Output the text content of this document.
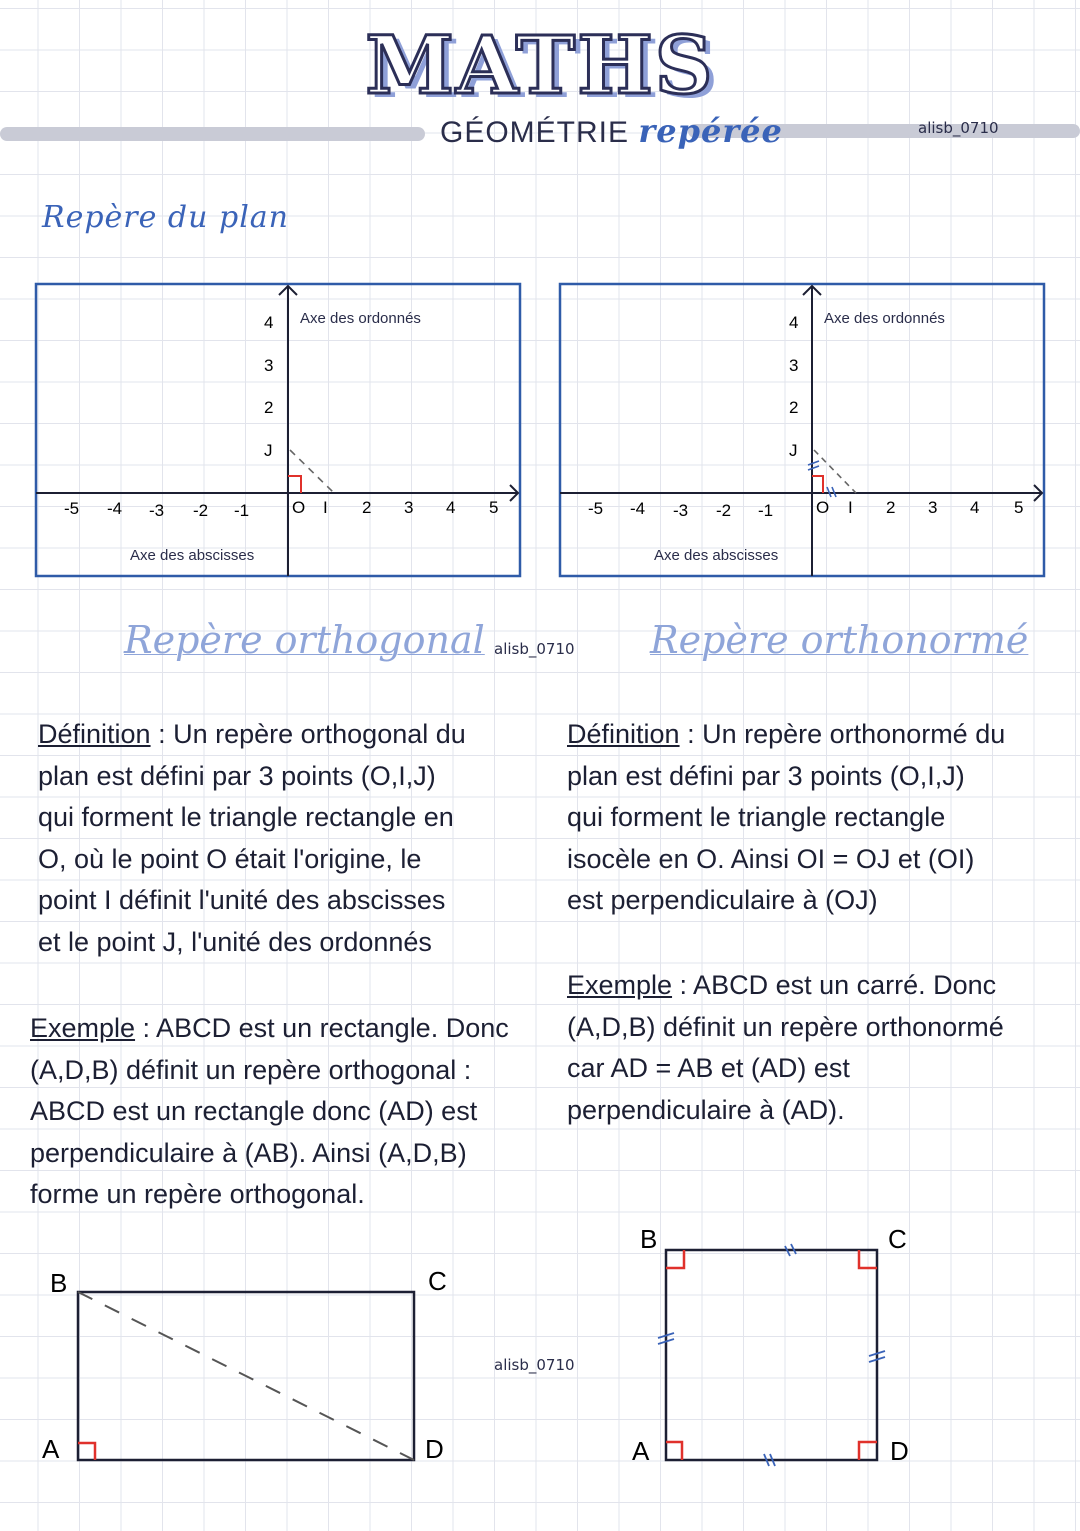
MATHS
GÉOMÉTRIE repérée	alisb_0710
Repère du plan
Axe des ordonnés
Axe des abscisses
-5 -4 -3 -2 -1	O I 2 3 4 5
4
3
2
J
Axe des ordonnés
Axe des abscisses
-5 -4 -3 -2 -1	O I 2 3 4 5
4
3
2
J
Repère orthogonal alisb_0710 Repère orthonormé
Définition : Un repère orthogonal du
plan est défini par 3 points (O,I,J)
qui forment le triangle rectangle en
O, où le point O était l'origine, le
point I définit l'unité des abscisses
et le point J, l'unité des ordonnés
Définition : Un repère orthonormé du
plan est défini par 3 points (O,I,J)
qui forment le triangle rectangle
isocèle en O. Ainsi OI = OJ et (OI)
est perpendiculaire à (OJ)
Exemple : ABCD est un carré. Donc
(A,D,B) définit un repère orthonormé
car AD = AB et (AD) est
perpendiculaire à (AD).
Exemple : ABCD est un rectangle. Donc
(A,D,B) définit un repère orthogonal :
ABCD est un rectangle donc (AD) est
perpendiculaire à (AB). Ainsi (A,D,B)
forme un repère orthogonal.
B	C
A	D
alisb_0710
B	C
A	D
